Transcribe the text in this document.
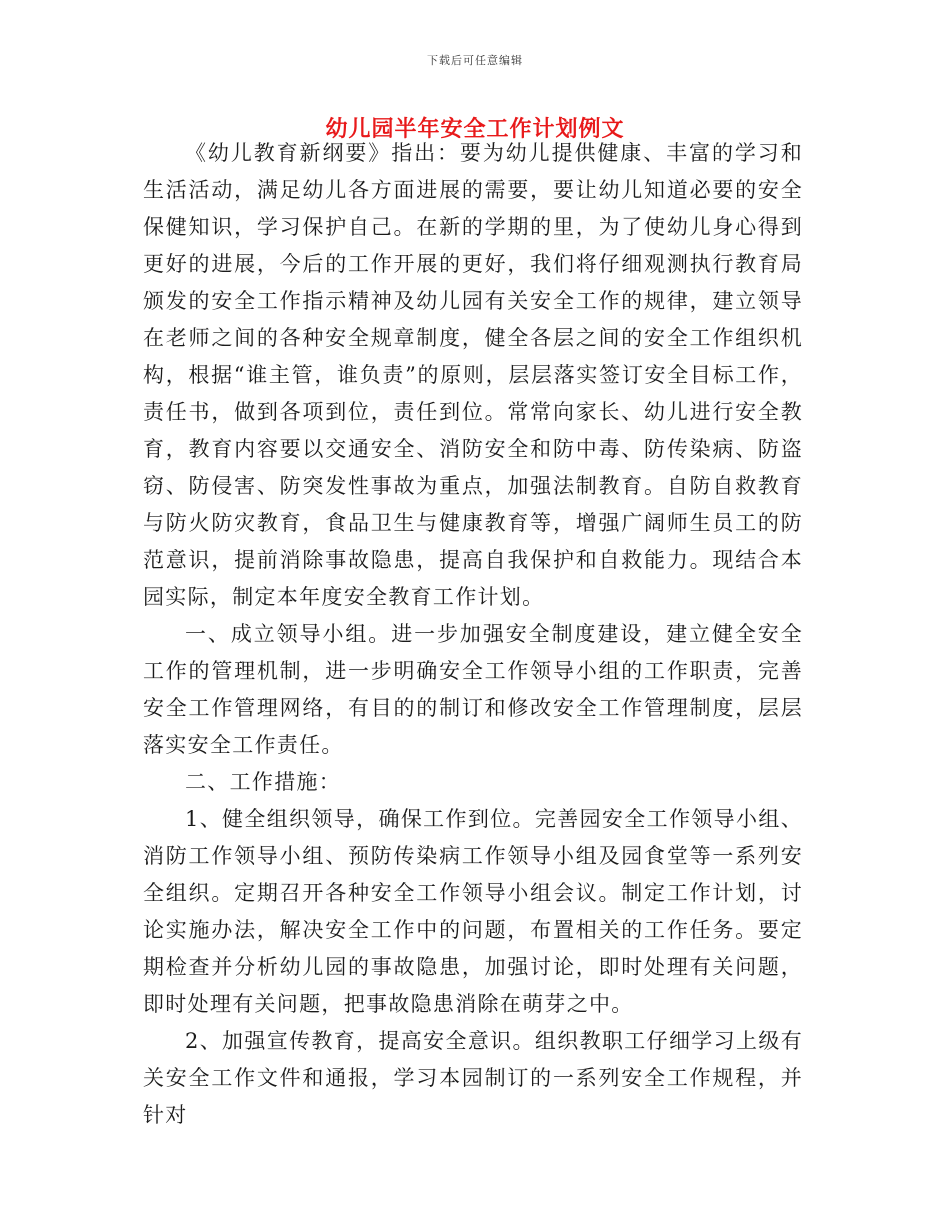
下载后可任意编辑
幼儿园半年安全工作计划例文

《幼儿教育新纲要》指出：要为幼儿提供健康、丰富的学习和生活活动，满足幼儿各方面进展的需要，要让幼儿知道必要的安全保健知识，学习保护自己。在新的学期的里，为了使幼儿身心得到更好的进展，今后的工作开展的更好，我们将仔细观测执行教育局颁发的安全工作指示精神及幼儿园有关安全工作的规律，建立领导在老师之间的各种安全规章制度，健全各层之间的安全工作组织机构，根据“谁主管，谁负责”的原则，层层落实签订安全目标工作，责任书，做到各项到位，责任到位。常常向家长、幼儿进行安全教育，教育内容要以交通安全、消防安全和防中毒、防传染病、防盗窃、防侵害、防突发性事故为重点，加强法制教育。自防自救教育与防火防灾教育，食品卫生与健康教育等，增强广阔师生员工的防范意识，提前消除事故隐患，提高自我保护和自救能力。现结合本园实际，制定本年度安全教育工作计划。

一、成立领导小组。进一步加强安全制度建设，建立健全安全工作的管理机制，进一步明确安全工作领导小组的工作职责，完善安全工作管理网络，有目的的制订和修改安全工作管理制度，层层落实安全工作责任。

二、工作措施：

1、健全组织领导，确保工作到位。完善园安全工作领导小组、消防工作领导小组、预防传染病工作领导小组及园食堂等一系列安全组织。定期召开各种安全工作领导小组会议。制定工作计划，讨论实施办法，解决安全工作中的问题，布置相关的工作任务。要定期检查并分析幼儿园的事故隐患，加强讨论，即时处理有关问题，即时处理有关问题，把事故隐患消除在萌芽之中。

2、加强宣传教育，提高安全意识。组织教职工仔细学习上级有关安全工作文件和通报，学习本园制订的一系列安全工作规程，并针对
